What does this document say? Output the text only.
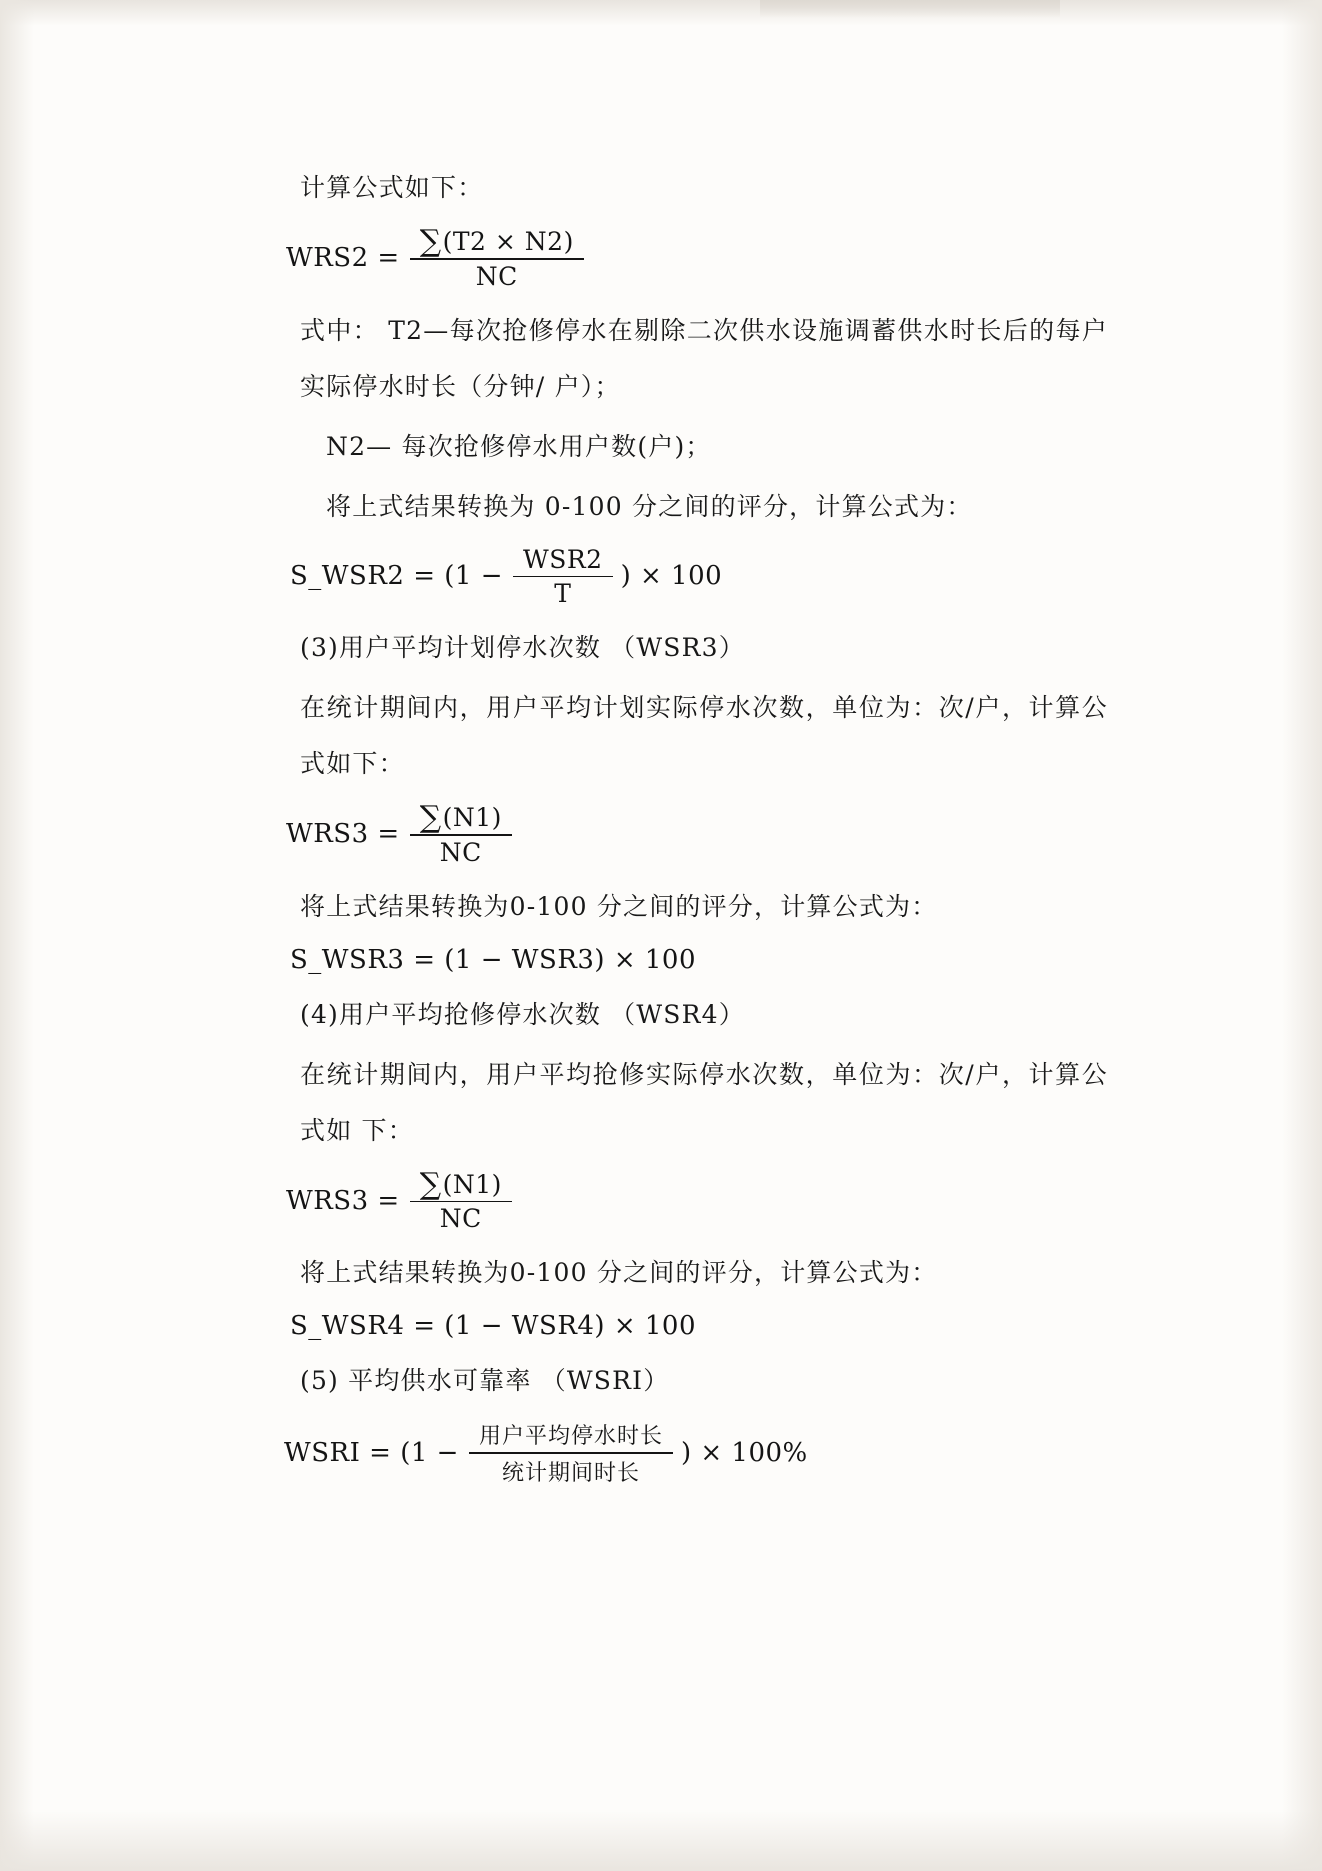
计算公式如下：

$WRS2 = \frac{\sum(T2 \times N2)}{NC}$

式中： T2—每次抢修停水在剔除二次供水设施调蓄供水时长后的每户实际停水时长（分钟/ 户）；

N2— 每次抢修停水用户数(户)；

将上式结果转换为 0-100 分之间的评分，计算公式为：

S_WSR2 = ($1 - \frac{\text{WSR2}}{T}$ ) × 100

(3)用户平均计划停水次数 （WSR3）

在统计期间内，用户平均计划实际停水次数，单位为：次/户，计算公式如下：

$WRS3 = \frac{\sum(N1)}{NC}$

将上式结果转换为0-100 分之间的评分，计算公式为：

S_WSR3 = (1 − WSR3) × 100

(4)用户平均抢修停水次数 （WSR4）

在统计期间内，用户平均抢修实际停水次数，单位为：次/户，计算公式如 下：

$WRS3 = \frac{\sum(N1)}{NC}$

将上式结果转换为0-100 分之间的评分，计算公式为：

S_WSR4 = (1 − WSR4) × 100

(5) 平均供水可靠率 （WSRI）

WSRI = ($1 - \frac{\text{用户平均停水时长}}{\text{统计期间时长}}$ ) × 100%
